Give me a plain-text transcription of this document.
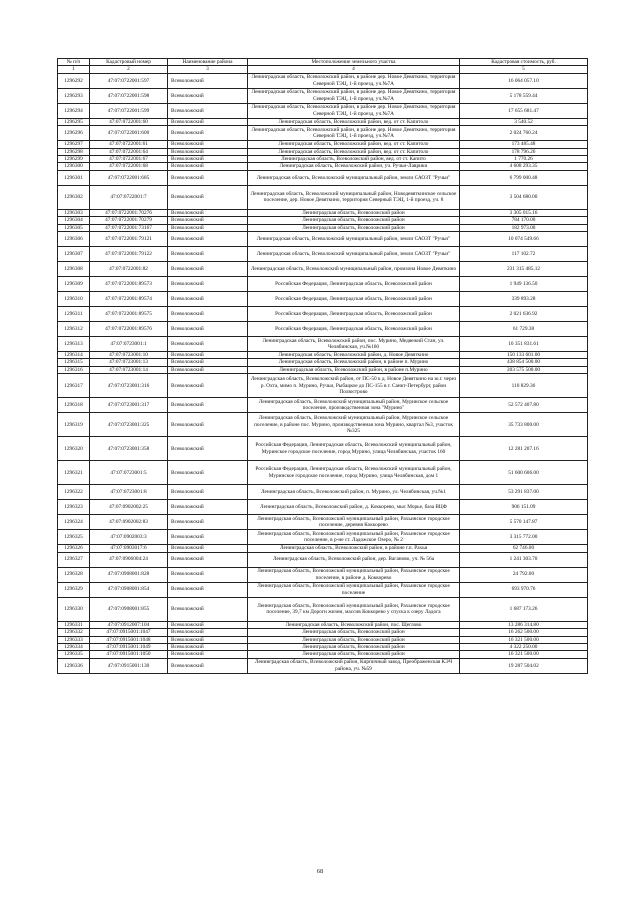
№ п/п	Кадастровый номер	Наименование района	Местоположение земельного участка	Кадастровая стоимость, руб.
1	2	3	4	5
1296292	47:07:0722001:597	Всеволожский	Ленинградская область, Всеволожский район, в районе дер. Новое Девяткино, территория Северной ТЭЦ, 1-й проезд, уч.№7А	16 064 057.10
1296293	47:07:0722001:598	Всеволожский	Ленинградская область, Всеволожский район, в районе дер. Новое Девяткино, территория Северной ТЭЦ, 1-й проезд, уч.№7А	5 178 559.44
1296294	47:07:0722001:599	Всеволожский	Ленинградская область, Всеволожский район, в районе дер. Новое Девяткино, территория Северной ТЭЦ, 1-й проезд, уч.№7А	17 655 681.47
1296295	47:07:0722001:60	Всеволожский	Ленинградская область, Всеволожский район, вед. от ст. Капитоло	3 540.52
1296296	47:07:0722001:600	Всеволожский	Ленинградская область, Всеволожский район, в районе дер. Новое Девяткино, территория Северной ТЭЦ, 1-й проезд, уч.№7А	2 024 760.24
1296297	47:07:0722001:61	Всеволожский	Ленинградская область, Всеволожский район, вед. от ст. Капитоло	173 485.48
1296298	47:07:0722001:64	Всеволожский	Ленинградская область, Всеволожский район, вед. от ст. Капитоло	178 796.26
1296299	47:07:0722001:67	Всеволожский	Ленинградская область, Всеволожский район, вед. от ст. Капито	1 770.26
1296300	47:07:0722001:68	Всеволожский	Ленинградская область, Всеволожский район, уч. Ручьи-Лаврики	4 608 293.35
1296301	47:07:0722001:685	Всеволожский	Ленинградская область, Всеволожский муниципальный район, земли САОЗТ "Ручьи"	6 799 000.48
1296302	47:07:0722001:7	Всеволожский	Ленинградская область, Всеволожский муниципальный район, Новодевяткинское сельское поселение, дер. Новое Девяткино, территория Северный ТЭЦ, 1-й проезд, уч. 8	3 504 680.00
1296303	47:07:0722001:70276	Всеволожский	Ленинградская область, Всеволожский район	3 305 015.16
1296304	47:07:0722001:70279	Всеволожский	Ленинградская область, Всеволожский район	784 170.00
1296305	47:07:0722001:73167	Всеволожский	Ленинградская область, Всеволожский район	182 973.00
1296306	47:07:0722001:79121	Всеволожский	Ленинградская область, Всеволожский муниципальный район, земли САОЗТ "Ручьи"	10 074 549.66
1296307	47:07:0722001:79122	Всеволожский	Ленинградская область, Всеволожский муниципальный район, земли САОЗТ "Ручьи"	117 102.72
1296308	47:07:0722001:82	Всеволожский	Ленинградская область, Всеволожский муниципальный район, промзона Новое Девяткино	231 315 485.12
1296309	47:07:0722001:89573	Всеволожский	Российская Федерация, Ленинградская область, Всеволожский район	1 949 136.50
1296310	47:07:0722001:89574	Всеволожский	Российская Федерация, Ленинградская область, Всеволожский район	339 893.28
1296311	47:07:0722001:89575	Всеволожский	Российская Федерация, Ленинградская область, Всеволожский район	2 021 636.92
1296312	47:07:0722001:89576	Всеволожский	Российская Федерация, Ленинградская область, Всеволожский район	61 729.38
1296313	47:07:0723001:1	Всеволожский	Ленинградская область, Всеволожский район, пос. Мурино, Медвежий Стан, ул. Челябинская, уч.№160	10 351 831.61
1296314	47:07:0723001:10	Всеволожский	Ленинградская область, Всеволожский район, д. Новое Девяткино	150 133 601.00
1296315	47:07:0723001:13	Всеволожский	Ленинградская область, Всеволожский район, в районе п. Мурино	438 854 500.00
1296316	47:07:0723001:14	Всеволожский	Ленинградская область, Всеволожский район, в районе п.Мурино	203 575 500.00
1296317	47:07:0723001:316	Всеволожский	Ленинградская область, Всеволожский район, от ПС-50 к д. Новое Девяткино на ю.г. через р. Охта, мимо п. Мурино, Ручьи, Рыбацкое до ПС-155 в г. Санкт-Петербург, район Полюстрово	110 829.36
1296318	47:07:0723001:317	Всеволожский	Ленинградская область, Всеволожский муниципальный район, Муринское сельское поселение, производственная зона "Мурино"	52 572 407.80
1296319	47:07:0723001:325	Всеволожский	Ленинградская область, Всеволожский муниципальный район, Муринское сельское поселение, в районе пос. Мурино, производственная зона Мурино, квартал №3, участок №325	35 733 800.00
1296320	47:07:0723001:358	Всеволожский	Российская Федерация, Ленинградская область, Всеволожский муниципальный район, Муринское городское поселение, город Мурино, улица Челябинская, участок 160	12 281 207.16
1296321	47:07:0723001:5	Всеволожский	Российская Федерация, Ленинградская область, Всеволожский муниципальный район, Муринское городское поселение, город Мурино, улица Челябинская, дом 1	51 600 606.00
1296322	47:07:0723001:8	Всеволожский	Ленинградская область, Всеволожский район, п. Мурино, ул. Челябинская, уч.№1	53 291 837.00
1296323	47:07:0902002:25	Всеволожский	Ленинградская область, Всеволожский район, д. Коккорево, мыс Морье, база ВЦФ	906 151.09
1296324	47:07:0902002:83	Всеволожский	Ленинградская область, Всеволожский муниципальный район, Рахьинское городское поселение, деревня Коккорево	5 570 147.87
1296325	47:07:0902003:3	Всеволожский	Ленинградская область, Всеволожский муниципальный район, Рахьинское городское поселение, в р-не ст. Ладожское Озеро, № 2	3 315 772.00
1296326	47:07:0903017:6	Всеволожский	Ленинградская область, Всеволожский район, в районе г.п. Рахья	62 746.00
1296327	47:07:0906004:24	Всеволожский	Ленинградская область, Всеволожский район, дер. Ваганово, уч. № 56а	1 241 303.70
1296328	47:07:0908001:828	Всеволожский	Ленинградская область, Всеволожский муниципальный район, Рахьинское городское поселение, в районе д. Коккорево	24 792.00
1296329	47:07:0908001:854	Всеволожский	Ленинградская область, Всеволожский муниципальный район, Рахьинское городское поселение	693 970.76
1296330	47:07:0908001:855	Всеволожский	Ленинградская область, Всеволожский муниципальный район, Рахьинское городское поселение, 39,7 км Дороги жизни, массив Коккорево у спуска к озеру Ладога	1 687 173.26
1296331	47:07:0912007:104	Всеволожский	Ленинградская область, Всеволожский район, пос. Щеглово	13 286 314.80
1296332	47:07:0915001:1047	Всеволожский	Ленинградская область, Всеволожский район	16 262 500.00
1296333	47:07:0915001:1048	Всеволожский	Ленинградская область, Всеволожский район	16 321 500.00
1296334	47:07:0915001:1049	Всеволожский	Ленинградская область, Всеволожский район	4 322 250.00
1296335	47:07:0915001:1050	Всеволожский	Ленинградская область, Всеволожский район	16 321 500.00
1296336	47:07:0915001:130	Всеволожский	Ленинградская область, Всеволожский район, Кирпичный завод, Преображенская КЭЧ района, уч. №59	19 287 504.02
68
